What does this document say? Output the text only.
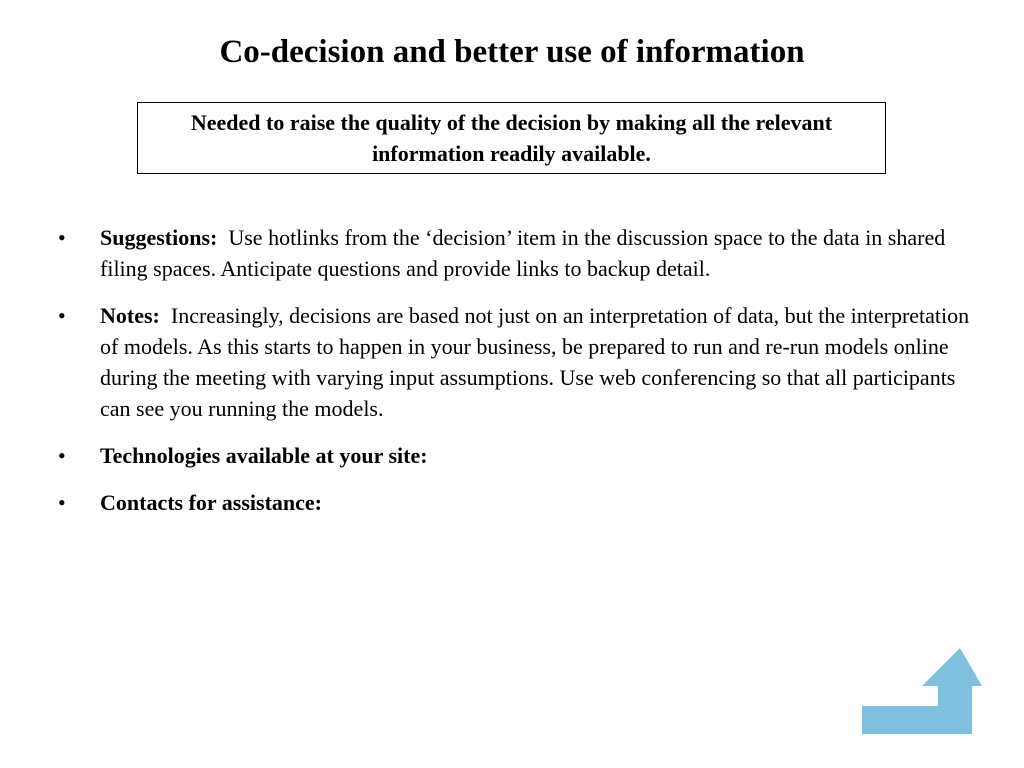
Co-decision and better use of information
Needed to raise the quality of the decision by making all the relevant information readily available.
•	Suggestions: Use hotlinks from the ‘decision’ item in the discussion space to the data in shared filing spaces. Anticipate questions and provide links to backup detail.
•	Notes: Increasingly, decisions are based not just on an interpretation of data, but the interpretation of models. As this starts to happen in your business, be prepared to run and re-run models online during the meeting with varying input assumptions. Use web conferencing so that all participants can see you running the models.
•	Technologies available at your site:
•	Contacts for assistance:
